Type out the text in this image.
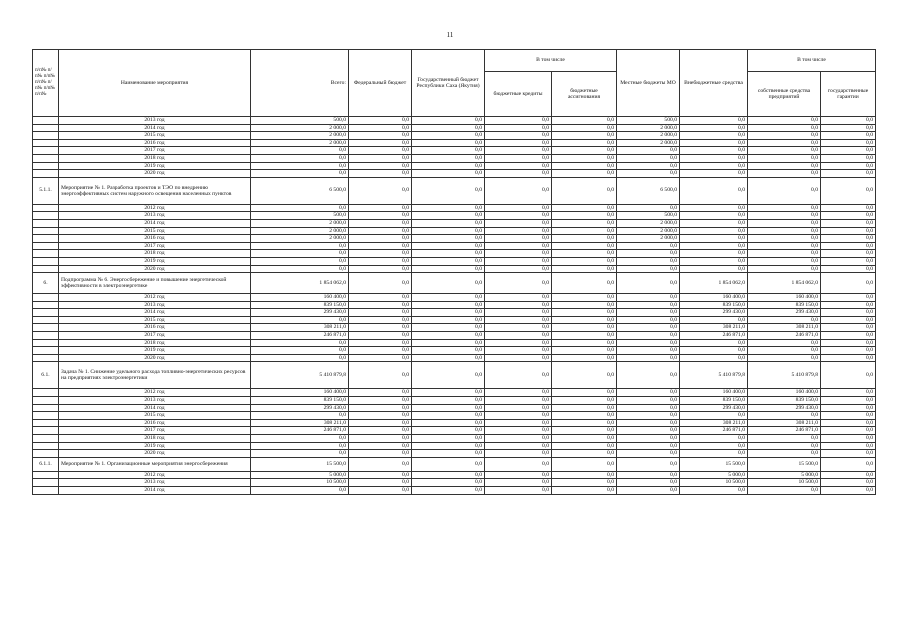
11
п/п№ п/п№ п/п№ п/п№ п/п№ п/п№ п/п№	Наименование мероприятия	Всего:	Федеральный бюджет	Государственный бюджет Республики Саха (Якутия)	В том числе		Местные бюджеты МО	Внебюджетные средства	В том числе	
					бюджетные кредиты	бюджетные ассигнования			собственные средства предприятий	государственные гарантии
	2013 год	500,0	0,0	0,0	0,0	0,0	500,0	0,0	0,0	0,0
	2014 год	2 000,0	0,0	0,0	0,0	0,0	2 000,0	0,0	0,0	0,0
	2015 год	2 000,0	0,0	0,0	0,0	0,0	2 000,0	0,0	0,0	0,0
	2016 год	2 000,0	0,0	0,0	0,0	0,0	2 000,0	0,0	0,0	0,0
	2017 год	0,0	0,0	0,0	0,0	0,0	0,0	0,0	0,0	0,0
	2018 год	0,0	0,0	0,0	0,0	0,0	0,0	0,0	0,0	0,0
	2019 год	0,0	0,0	0,0	0,0	0,0	0,0	0,0	0,0	0,0
	2020 год	0,0	0,0	0,0	0,0	0,0	0,0	0,0	0,0	0,0
5.1.1.	Мероприятие № 1. Разработка проектов и ТЭО по внедрению энергоэффективных систем наружного освещения населенных пунктов	6 500,0	0,0	0,0	0,0	0,0	6 500,0	0,0	0,0	0,0
	2012 год	0,0	0,0	0,0	0,0	0,0	0,0	0,0	0,0	0,0
	2013 год	500,0	0,0	0,0	0,0	0,0	500,0	0,0	0,0	0,0
	2014 год	2 000,0	0,0	0,0	0,0	0,0	2 000,0	0,0	0,0	0,0
	2015 год	2 000,0	0,0	0,0	0,0	0,0	2 000,0	0,0	0,0	0,0
	2016 год	2 000,0	0,0	0,0	0,0	0,0	2 000,0	0,0	0,0	0,0
	2017 год	0,0	0,0	0,0	0,0	0,0	0,0	0,0	0,0	0,0
	2018 год	0,0	0,0	0,0	0,0	0,0	0,0	0,0	0,0	0,0
	2019 год	0,0	0,0	0,0	0,0	0,0	0,0	0,0	0,0	0,0
	2020 год	0,0	0,0	0,0	0,0	0,0	0,0	0,0	0,0	0,0
6.	Подпрограмма № 6. Энергосбережение и повышение энергетической эффективности в электроэнергетике	1 854 062,0	0,0	0,0	0,0	0,0	0,0	1 854 062,0	1 854 062,0	0,0
	2012 год	160 400,0	0,0	0,0	0,0	0,0	0,0	160 400,0	160 400,0	0,0
	2013 год	839 150,0	0,0	0,0	0,0	0,0	0,0	839 150,0	839 150,0	0,0
	2014 год	299 430,0	0,0	0,0	0,0	0,0	0,0	299 430,0	299 430,0	0,0
	2015 год	0,0	0,0	0,0	0,0	0,0	0,0	0,0	0,0	0,0
	2016 год	308 211,0	0,0	0,0	0,0	0,0	0,0	308 211,0	308 211,0	0,0
	2017 год	246 871,0	0,0	0,0	0,0	0,0	0,0	246 871,0	246 871,0	0,0
	2018 год	0,0	0,0	0,0	0,0	0,0	0,0	0,0	0,0	0,0
	2019 год	0,0	0,0	0,0	0,0	0,0	0,0	0,0	0,0	0,0
	2020 год	0,0	0,0	0,0	0,0	0,0	0,0	0,0	0,0	0,0
6.1.	Задача № 1. Снижение удельного расхода топливно-энергетических ресурсов на предприятиях электроэнергетики	5 410 879,8	0,0	0,0	0,0	0,0	0,0	5 410 879,8	5 410 879,8	0,0
	2012 год	160 400,0	0,0	0,0	0,0	0,0	0,0	160 400,0	160 400,0	0,0
	2013 год	839 150,0	0,0	0,0	0,0	0,0	0,0	839 150,0	839 150,0	0,0
	2014 год	299 430,0	0,0	0,0	0,0	0,0	0,0	299 430,0	299 430,0	0,0
	2015 год	0,0	0,0	0,0	0,0	0,0	0,0	0,0	0,0	0,0
	2016 год	308 211,0	0,0	0,0	0,0	0,0	0,0	308 211,0	308 211,0	0,0
	2017 год	246 871,0	0,0	0,0	0,0	0,0	0,0	246 871,0	246 871,0	0,0
	2018 год	0,0	0,0	0,0	0,0	0,0	0,0	0,0	0,0	0,0
	2019 год	0,0	0,0	0,0	0,0	0,0	0,0	0,0	0,0	0,0
	2020 год	0,0	0,0	0,0	0,0	0,0	0,0	0,0	0,0	0,0
6.1.1.	Мероприятие № 1. Организационные мероприятия энергосбережения	15 500,0	0,0	0,0	0,0	0,0	0,0	15 500,0	15 500,0	0,0
	2012 год	5 000,0	0,0	0,0	0,0	0,0	0,0	5 000,0	5 000,0	0,0
	2013 год	10 500,0	0,0	0,0	0,0	0,0	0,0	10 500,0	10 500,0	0,0
	2014 год	0,0	0,0	0,0	0,0	0,0	0,0	0,0	0,0	0,0
